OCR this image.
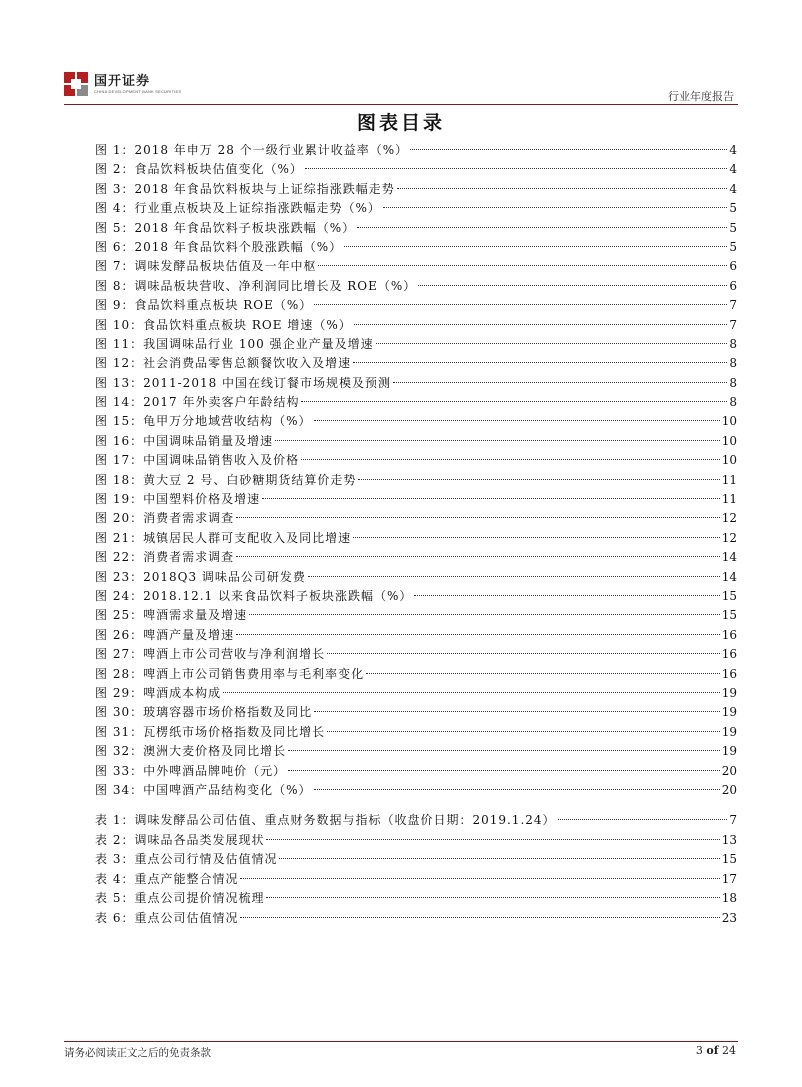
国开证券
CHINA DEVELOPMENT BANK SECURITIES	行业年度报告
图表目录
图 1：2018 年申万 28 个一级行业累计收益率（%）	4
图 2：食品饮料板块估值变化（%）	4
图 3：2018 年食品饮料板块与上证综指涨跌幅走势	4
图 4：行业重点板块及上证综指涨跌幅走势（%）	5
图 5：2018 年食品饮料子板块涨跌幅（%）	5
图 6：2018 年食品饮料个股涨跌幅（%）	5
图 7：调味发酵品板块估值及一年中枢	6
图 8：调味品板块营收、净利润同比增长及 ROE（%）	6
图 9：食品饮料重点板块 ROE（%）	7
图 10：食品饮料重点板块 ROE 增速（%）	7
图 11：我国调味品行业 100 强企业产量及增速	8
图 12：社会消费品零售总额餐饮收入及增速	8
图 13：2011-2018 中国在线订餐市场规模及预测	8
图 14：2017 年外卖客户年龄结构	8
图 15：龟甲万分地域营收结构（%）	10
图 16：中国调味品销量及增速	10
图 17：中国调味品销售收入及价格	10
图 18：黄大豆 2 号、白砂糖期货结算价走势	11
图 19：中国塑料价格及增速	11
图 20：消费者需求调查	12
图 21：城镇居民人群可支配收入及同比增速	12
图 22：消费者需求调查	14
图 23：2018Q3 调味品公司研发费	14
图 24：2018.12.1 以来食品饮料子板块涨跌幅（%）	15
图 25：啤酒需求量及增速	15
图 26：啤酒产量及增速	16
图 27：啤酒上市公司营收与净利润增长	16
图 28：啤酒上市公司销售费用率与毛利率变化	16
图 29：啤酒成本构成	19
图 30：玻璃容器市场价格指数及同比	19
图 31：瓦楞纸市场价格指数及同比增长	19
图 32：澳洲大麦价格及同比增长	19
图 33：中外啤酒品牌吨价（元）	20
图 34：中国啤酒产品结构变化（%）	20
表 1：调味发酵品公司估值、重点财务数据与指标（收盘价日期：2019.1.24）	7
表 2：调味品各品类发展现状	13
表 3：重点公司行情及估值情况	15
表 4：重点产能整合情况	17
表 5：重点公司提价情况梳理	18
表 6：重点公司估值情况	23
请务必阅读正文之后的免责条款	3 of 24
